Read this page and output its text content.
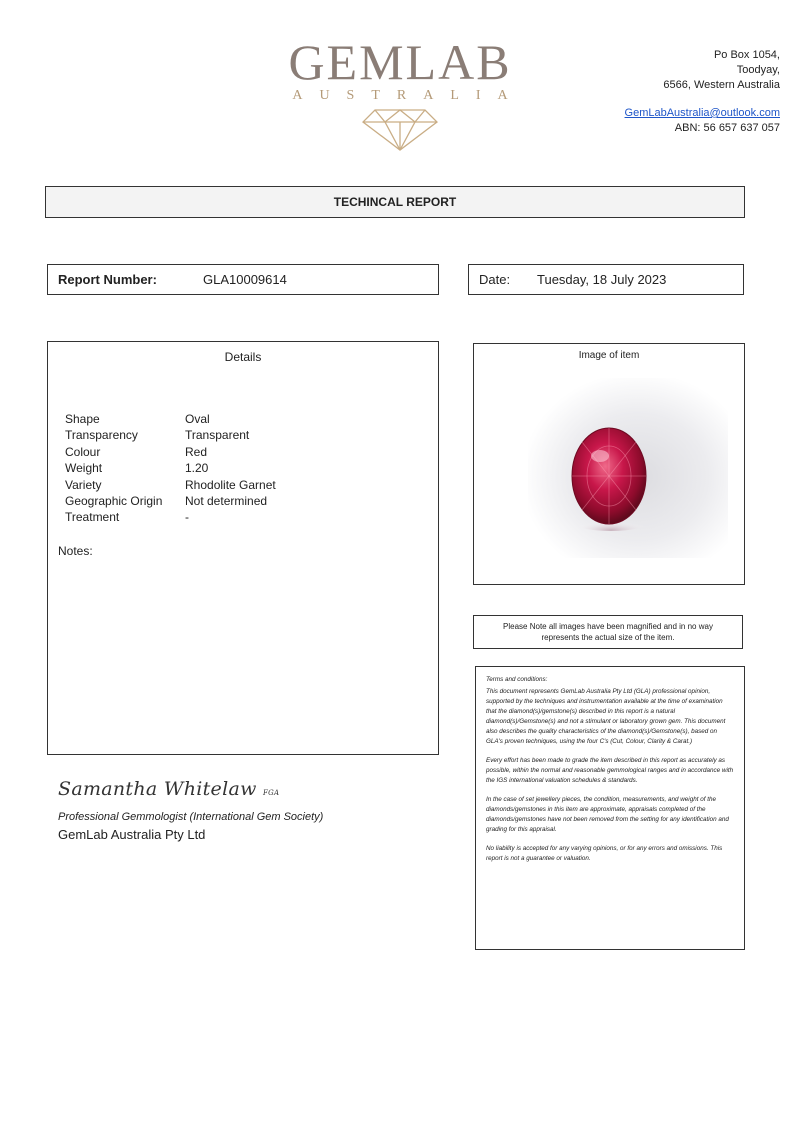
GEMLAB
AUSTRALIA
Po Box 1054,
Toodyay,
6566, Western Australia
GemLabAustralia@outlook.com
ABN: 56 657 637 057
TECHINCAL REPORT
Report Number:	GLA10009614	Date:	Tuesday, 18 July 2023
Details
Shape	Oval
Transparency	Transparent
Colour	Red
Weight	1.20
Variety	Rhodolite Garnet
Geographic Origin	Not determined
Treatment	-
Notes:
Image of item
Please Note all images have been magnified and in no way represents the actual size of the item.

Terms and conditions:

This document represents GemLab Australia Pty Ltd (GLA) professional opinion, supported by the techniques and instrumentation available at the time of examination that the diamond(s)/gemstone(s) described in this report is a natural diamond(s)/Gemstone(s) and not a stimulant or laboratory grown gem. This document also describes the quality characteristics of the diamond(s)/Gemstone(s), based on GLA's proven techniques, using the four C's (Cut, Colour, Clarity & Carat.)

Every effort has been made to grade the item described in this report as accurately as possible, within the normal and reasonable gemmological ranges and in accordance with the IGS international valuation schedules & standards.

In the case of set jewellery pieces, the condition, measurements, and weight of the diamonds/gemstones in this item are approximate, appraisals completed of the diamonds/gemstones have not been removed from the setting for any identification and grading for this appraisal.

No liability is accepted for any varying opinions, or for any errors and omissions. This report is not a guarantee or valuation.

Samantha Whitelaw FGA
Professional Gemmologist (International Gem Society)
GemLab Australia Pty Ltd
